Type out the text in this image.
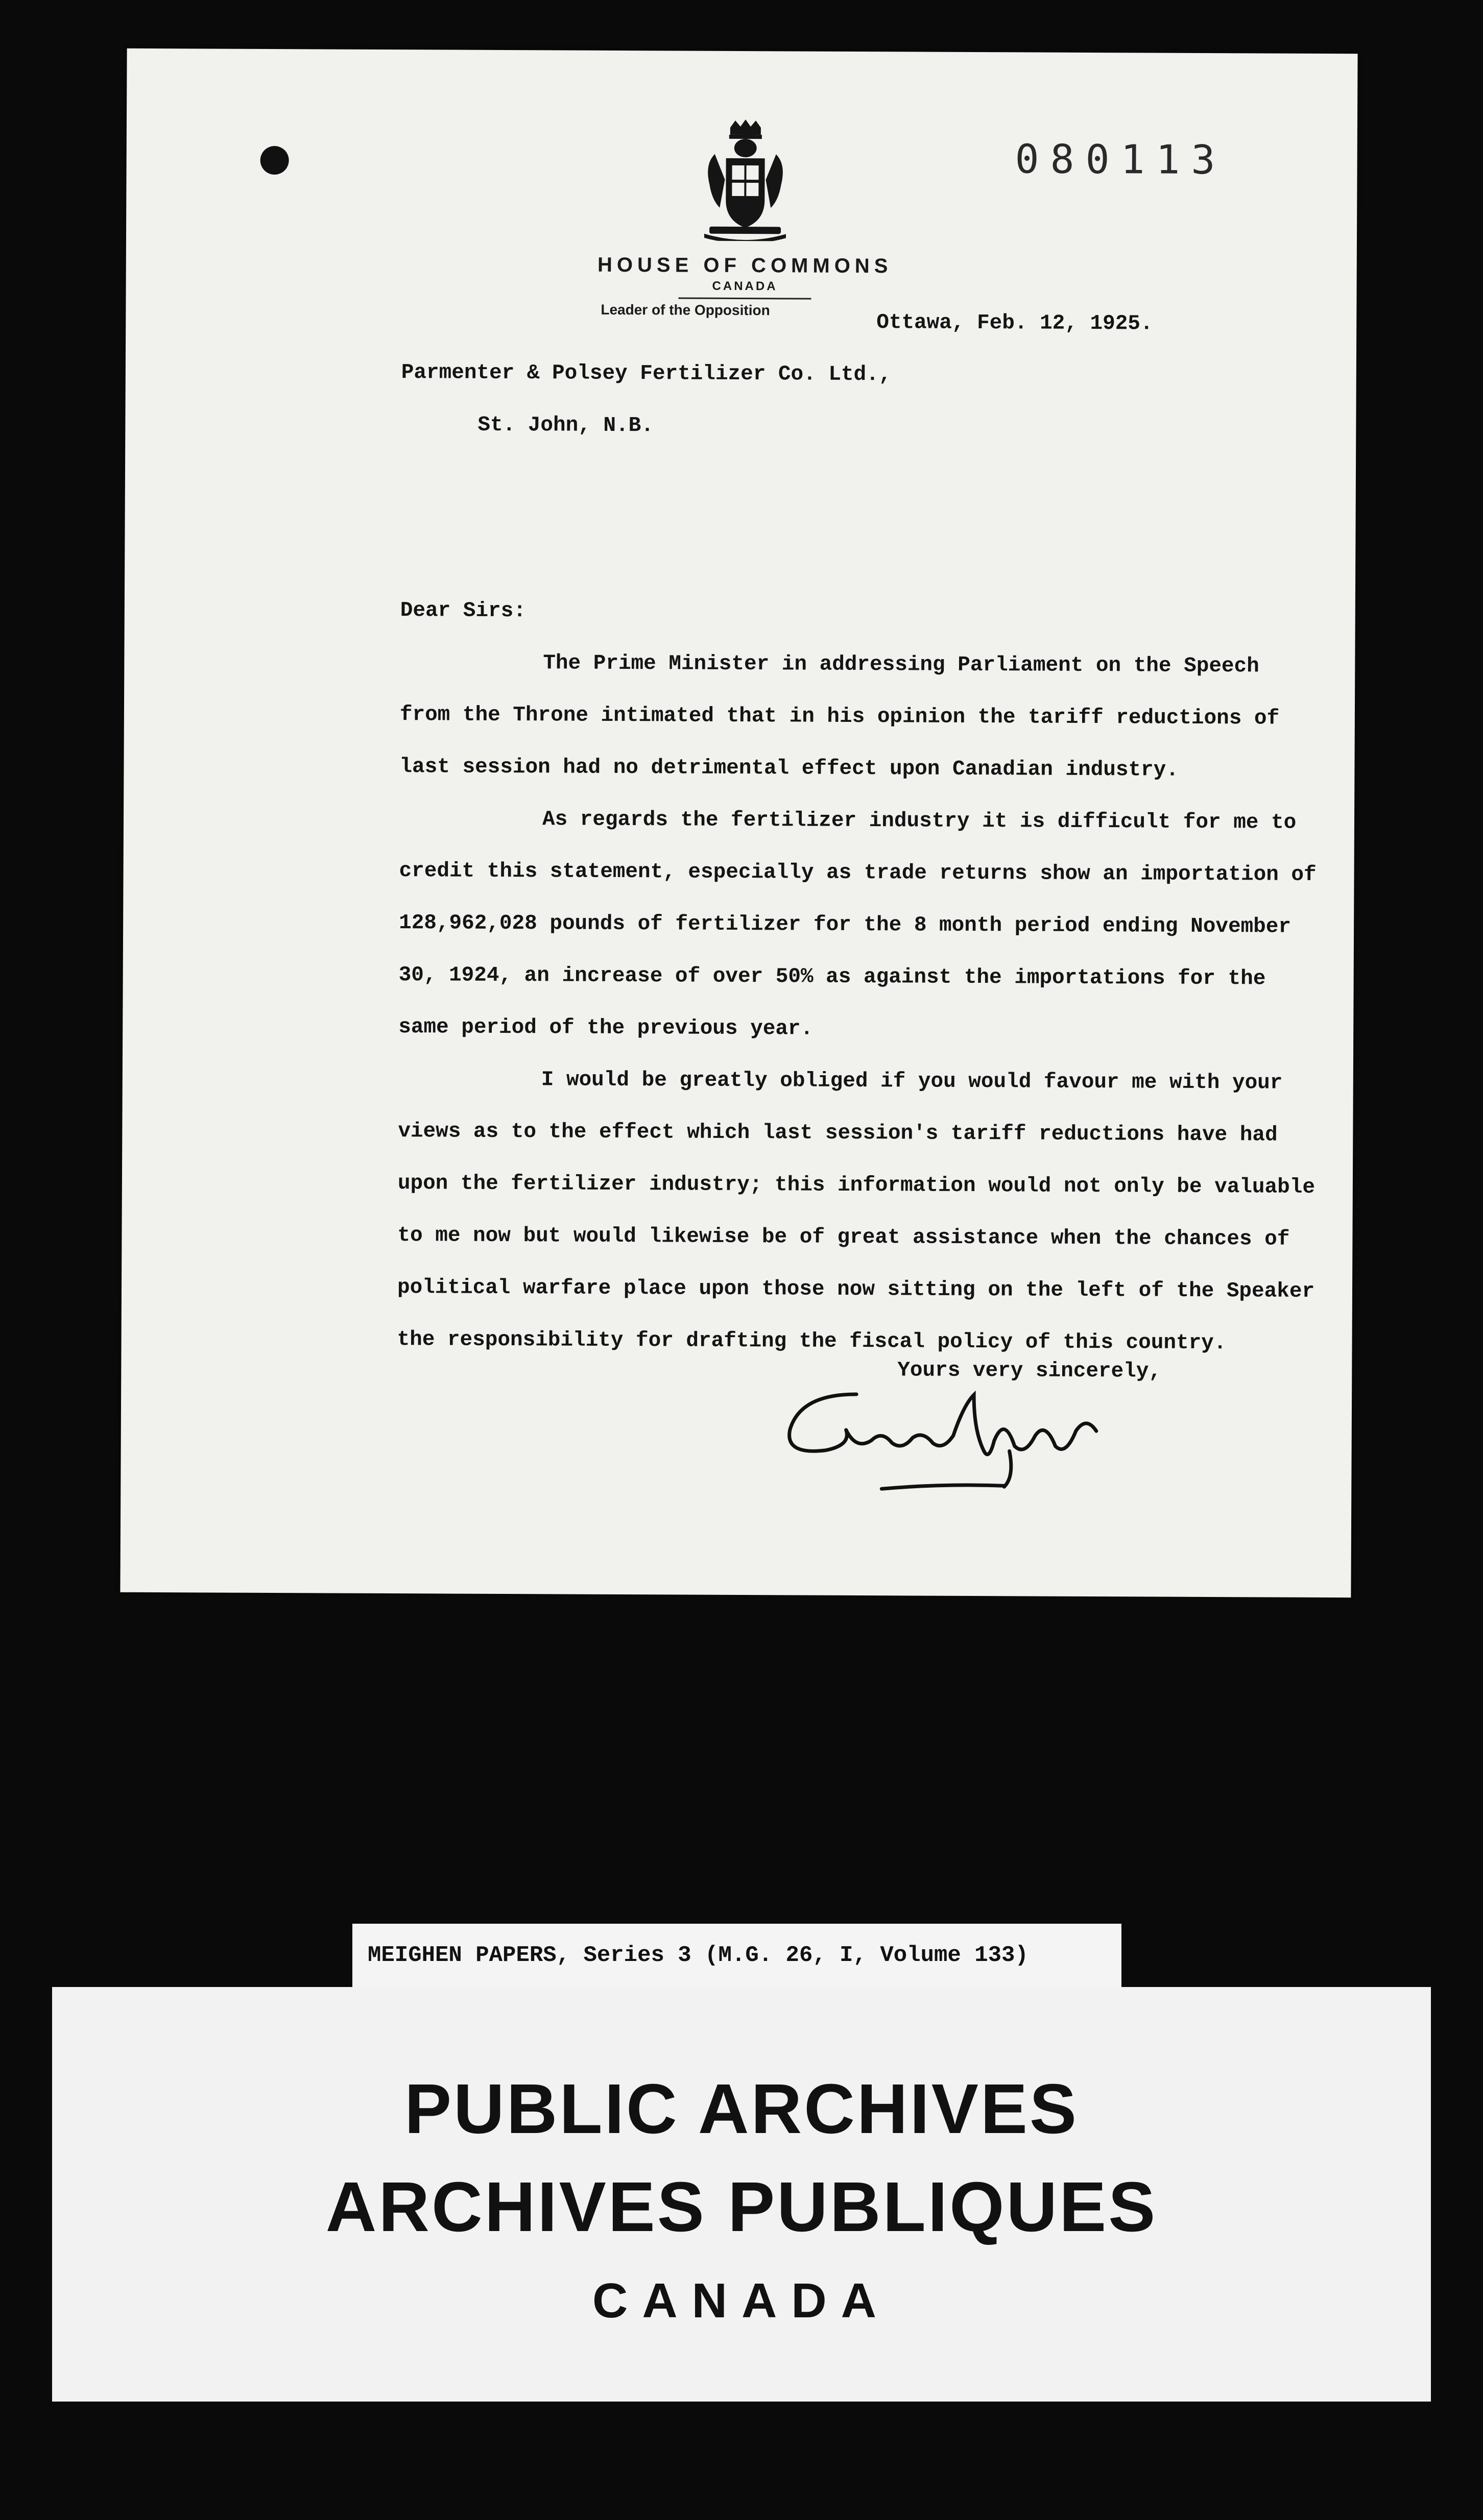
080113
HOUSE OF COMMONS
CANADA
Leader of the Opposition
Ottawa, Feb. 12, 1925.
Parmenter & Polsey Fertilizer Co. Ltd.,
St. John, N.B.

Dear Sirs:

The Prime Minister in addressing Parliament on the Speech from the Throne intimated that in his opinion the tariff reductions of last session had no detrimental effect upon Canadian industry.

As regards the fertilizer industry it is difficult for me to credit this statement, especially as trade returns show an importation of 128,962,028 pounds of fertilizer for the 8 month period ending November 30, 1924, an increase of over 50% as against the importations for the same period of the previous year.

I would be greatly obliged if you would favour me with your views as to the effect which last session's tariff reductions have had upon the fertilizer industry; this information would not only be valuable to me now but would likewise be of great assistance when the chances of political warfare place upon those now sitting on the left of the Speaker the responsibility for drafting the fiscal policy of this country.

Yours very sincerely,
MEIGHEN PAPERS, Series 3 (M.G. 26, I, Volume 133)
PUBLIC ARCHIVES
ARCHIVES PUBLIQUES
CANADA
